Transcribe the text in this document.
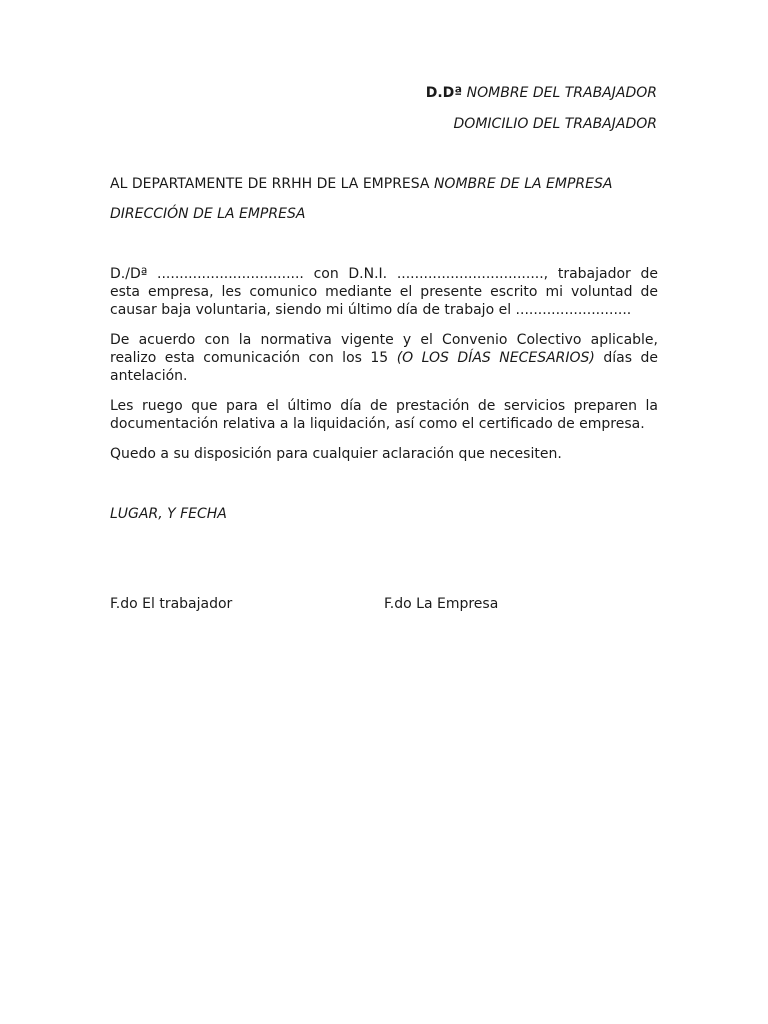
D.Dª NOMBRE DEL TRABAJADOR
DOMICILIO DEL TRABAJADOR
AL DEPARTAMENTE DE RRHH DE LA EMPRESA NOMBRE DE LA EMPRESA
DIRECCIÓN DE LA EMPRESA
D./Dª ................................. con D.N.I. ................................., trabajador de
esta empresa, les comunico mediante el presente escrito mi voluntad de
causar baja voluntaria, siendo mi último día de trabajo el ..........................
De acuerdo con la normativa vigente y el Convenio Colectivo aplicable,
realizo esta comunicación con los 15 (O LOS DÍAS NECESARIOS) días de
antelación.
Les ruego que para el último día de prestación de servicios preparen la
documentación relativa a la liquidación, así como el certificado de empresa.
Quedo a su disposición para cualquier aclaración que necesiten.
LUGAR, Y FECHA
F.do El trabajador	F.do La Empresa
